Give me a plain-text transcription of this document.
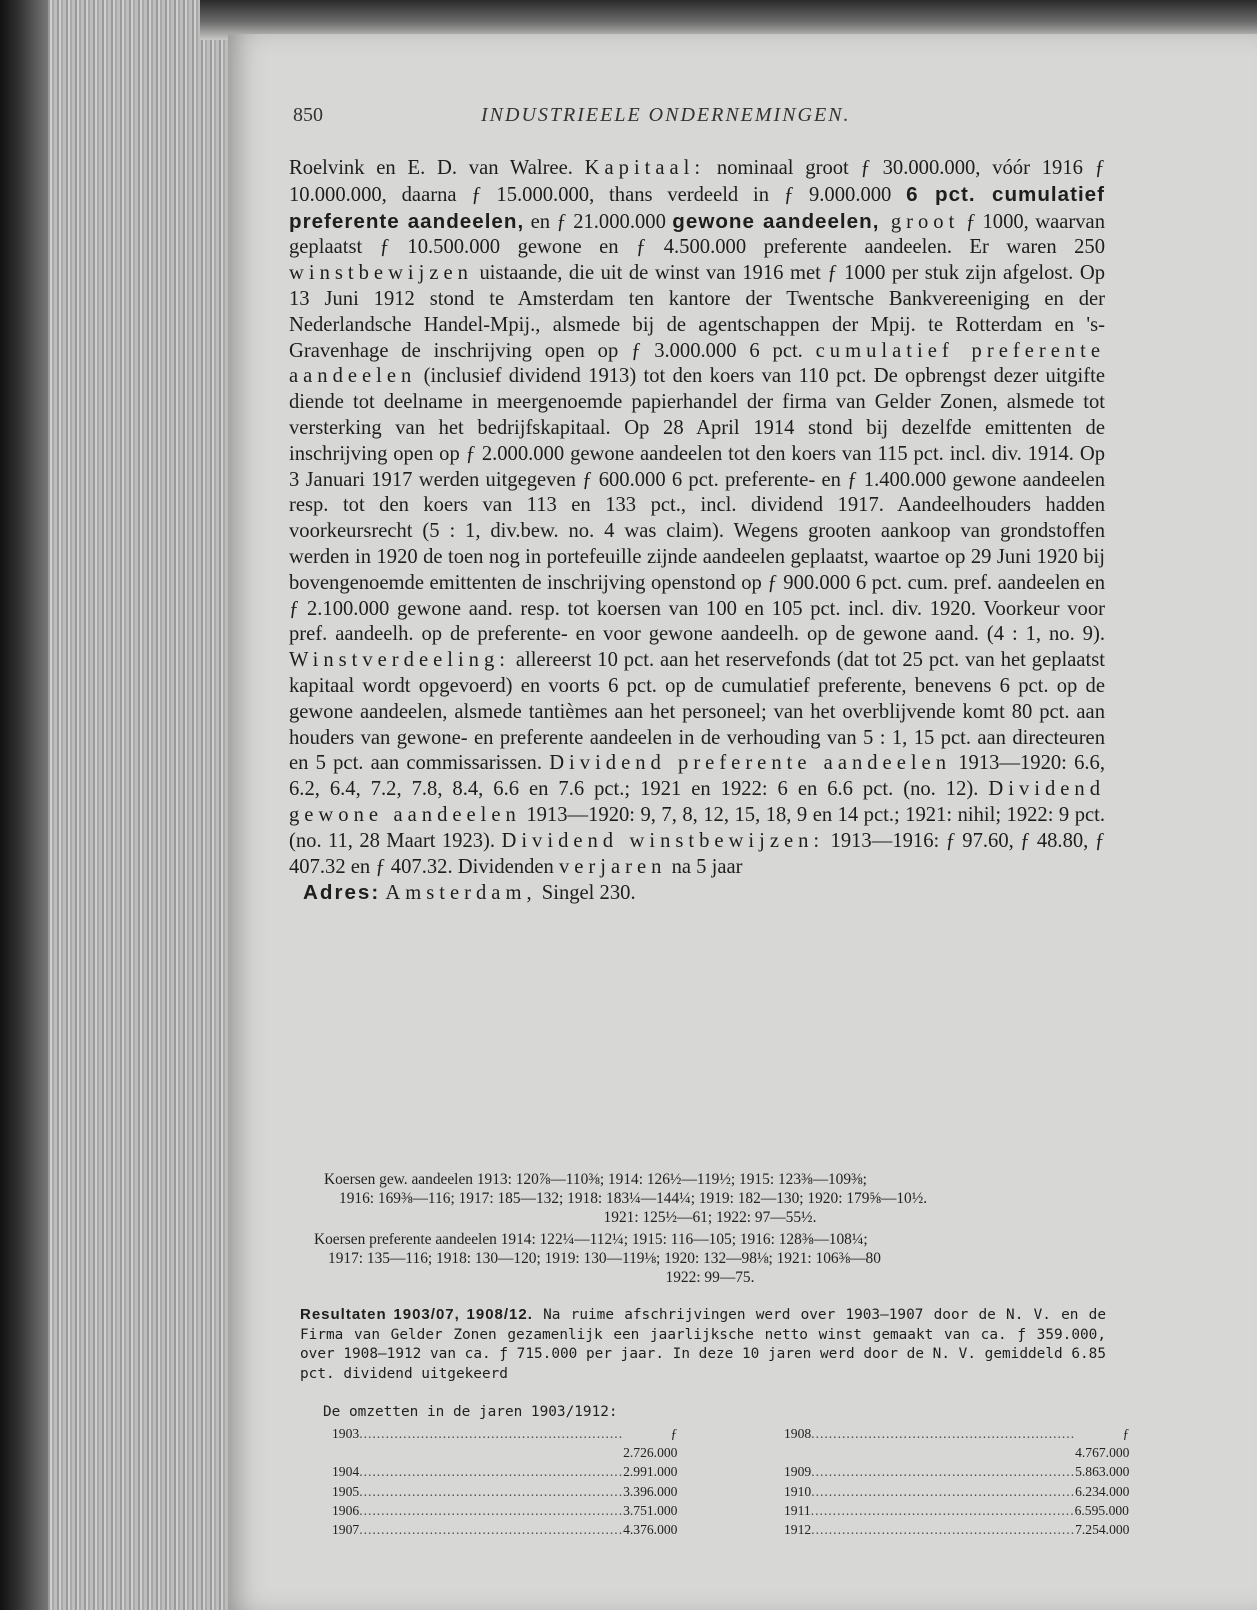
850	INDUSTRIEELE ONDERNEMINGEN.

Roelvink en E. D. van Walree. Kapitaal: nominaal groot ƒ 30.000.000, vóór 1916 ƒ 10.000.000, daarna ƒ 15.000.000, thans verdeeld in ƒ 9.000.000 6 pct. cumulatief preferente aandeelen, en ƒ 21.000.000 gewone aandeelen, groot ƒ 1000, waarvan geplaatst ƒ 10.500.000 gewone en ƒ 4.500.000 preferente aandeelen. Er waren 250 winstbewijzen uistaande, die uit de winst van 1916 met ƒ 1000 per stuk zijn afgelost. Op 13 Juni 1912 stond te Amsterdam ten kantore der Twentsche Bankvereeniging en der Nederlandsche Handel-Mpij., alsmede bij de agentschappen der Mpij. te Rotterdam en 's-Gravenhage de inschrijving open op ƒ 3.000.000 6 pct. cumulatief preferente aandeelen (inclusief dividend 1913) tot den koers van 110 pct. De opbrengst dezer uitgifte diende tot deelname in meergenoemde papierhandel der firma van Gelder Zonen, alsmede tot versterking van het bedrijfskapitaal. Op 28 April 1914 stond bij dezelfde emittenten de inschrijving open op ƒ 2.000.000 gewone aandeelen tot den koers van 115 pct. incl. div. 1914. Op 3 Januari 1917 werden uitgegeven ƒ 600.000 6 pct. preferente- en ƒ 1.400.000 gewone aandeelen resp. tot den koers van 113 en 133 pct., incl. dividend 1917. Aandeelhouders hadden voorkeursrecht (5 : 1, div.bew. no. 4 was claim). Wegens grooten aankoop van grondstoffen werden in 1920 de toen nog in portefeuille zijnde aandeelen geplaatst, waartoe op 29 Juni 1920 bij bovengenoemde emittenten de inschrijving openstond op ƒ 900.000 6 pct. cum. pref. aandeelen en ƒ 2.100.000 gewone aand. resp. tot koersen van 100 en 105 pct. incl. div. 1920. Voorkeur voor pref. aandeelh. op de preferente- en voor gewone aandeelh. op de gewone aand. (4 : 1, no. 9). Winstverdeeling: allereerst 10 pct. aan het reservefonds (dat tot 25 pct. van het geplaatst kapitaal wordt opgevoerd) en voorts 6 pct. op de cumulatief preferente, benevens 6 pct. op de gewone aandeelen, alsmede tantièmes aan het personeel; van het overblijvende komt 80 pct. aan houders van gewone- en preferente aandeelen in de verhouding van 5 : 1, 15 pct. aan directeuren en 5 pct. aan commissarissen. Dividend preferente aandeelen 1913—1920: 6.6, 6.2, 6.4, 7.2, 7.8, 8.4, 6.6 en 7.6 pct.; 1921 en 1922: 6 en 6.6 pct. (no. 12). Dividend gewone aandeelen 1913—1920: 9, 7, 8, 12, 15, 18, 9 en 14 pct.; 1921: nihil; 1922: 9 pct. (no. 11, 28 Maart 1923). Dividend winstbewijzen: 1913—1916: ƒ 97.60, ƒ 48.80, ƒ 407.32 en ƒ 407.32. Dividenden verjaren na 5 jaar

Adres: Amsterdam, Singel 230.

Koersen gew. aandeelen 1913: 120⅞—110⅜; 1914: 126½—119½; 1915: 123⅜—109⅜;
1916: 169⅜—116; 1917: 185—132; 1918: 183¼—144¼; 1919: 182—130; 1920: 179⅝—10½.
1921: 125½—61; 1922: 97—55½.
Koersen preferente aandeelen 1914: 122¼—112¼; 1915: 116—105; 1916: 128⅜—108¼;
1917: 135—116; 1918: 130—120; 1919: 130—119⅛; 1920: 132—98⅛; 1921: 106⅜—80
1922: 99—75.
Resultaten 1903/07, 1908/12. Na ruime afschrijvingen werd over 1903—1907 door de N. V. en de Firma van Gelder Zonen gezamenlijk een jaarlijksche netto winst gemaakt van ca. ƒ 359.000, over 1908—1912 van ca. ƒ 715.000 per jaar. In deze 10 jaren werd door de N. V. gemiddeld 6.85 pct. dividend uitgekeerd
De omzetten in de jaren 1903/1912:
1903 ............................................................	ƒ 2.726.000
1904 ............................................................ 2.991.000
1905 ............................................................ 3.396.000
1906 ............................................................ 3.751.000
1907 ............................................................ 4.376.000
1908 ............................................................	ƒ 4.767.000
1909 ............................................................ 5.863.000
1910 ............................................................ 6.234.000
1911 ............................................................ 6.595.000
1912 ............................................................ 7.254.000
